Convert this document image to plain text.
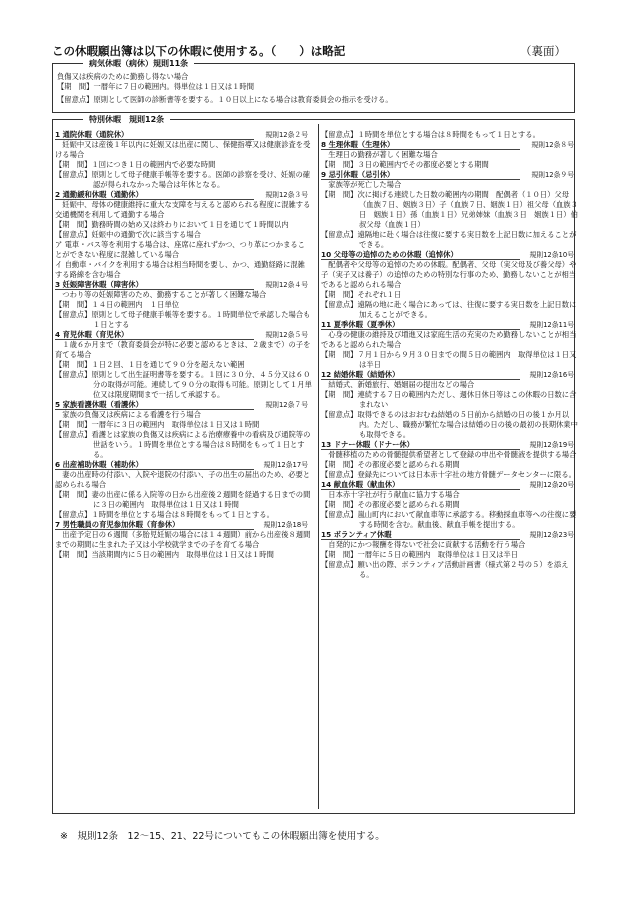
この休暇願出簿は以下の休暇に使用する。（　　）は略記	（裏面）
病気休暇（病休）規則11条
負傷又は疾病のために勤務し得ない場合
【期　間】一暦年に７日の範囲内。得単位は１日又は１時間
【留意点】原則として医師の診断書等を要する。１０日以上になる場合は教育委員会の指示を受ける。
特別休暇　規則12条
1 通院休暇（通院休）	規則12条２号
　妊娠中又は産後１年以内に妊娠又は出産に関し、保健指導又は健康診査を受ける場合
【期　間】１回につき１日の範囲内で必要な時間
【留意点】原則として母子健康手帳等を要する。医師の診察を受け、妊娠の確認が得られなかった場合は年休となる。
2 通勤緩和休暇（通勤休）	規則12条３号
　妊娠中、母体の健康維持に重大な支障を与えると認められる程度に混雑する交通機関を利用して通勤する場合
【期　間】勤務時間の始め又は終わりにおいて１日を通じて１時間以内
【留意点】妊娠中の通勤で次に該当する場合
ア 電車・バス等を利用する場合は、座席に座れずかつ、つり革につかまることができない程度に混雑している場合
イ 自動車・バイクを利用する場合は相当時間を要し、かつ、通勤経路に混雑する路線を含む場合
3 妊娠障害休暇（障害休）	規則12条４号
　つわり等の妊娠障害のため、勤務することが著しく困難な場合
【期　間】１４日の範囲内　１日単位
【留意点】原則として母子健康手帳等を要する。１時間単位で承認した場合も１日とする
4 育児休暇（育児休）	規則12条５号
　１歳６か月まで（教育委員会が特に必要と認めるときは、２歳まで）の子を育てる場合
【期　間】１日２回、１日を通じて９０分を超えない範囲
【留意点】原則として出生証明書等を要する。１回に３０分、４５分又は６０分の取得が可能。連続して９０分の取得も可能。原則として１月単位又は限度期間まで一括して承認する。
5 家族看護休暇（看護休）	規則12条７号
　家族の負傷又は疾病による看護を行う場合
【期　間】一暦年に３日の範囲内　取得単位は１日又は１時間
【留意点】看護とは家族の負傷又は疾病による治療療養中の看病及び通院等の世話をいう。１時間を単位とする場合は８時間をもって１日とする。
6 出産補助休暇（補助休）	規則12条17号
　妻の出産時の付添い、入院や退院の付添い、子の出生の届出のため、必要と認められる場合
【期　間】妻の出産に係る入院等の日から出産後２週間を経過する日までの間に３日の範囲内　取得単位は１日又は１時間
【留意点】１時間を単位とする場合は８時間をもって１日とする。
7 男性職員の育児参加休暇（育参休）	規則12条18号
　出産予定日の６週間（多胎児妊娠の場合には１４週間）前から出産後８週間までの期間に生まれた子又は小学校就学までの子を育てる場合
【期　間】当該期間内に５日の範囲内　取得単位は１日又は１時間
【留意点】１時間を単位とする場合は８時間をもって１日とする。
8 生理休暇（生理休）	規則12条８号
　生理日の勤務が著しく困難な場合
【期　間】３日の範囲内でその都度必要とする期間
9 忌引休暇（忌引休）	規則12条９号
　家族等が死亡した場合
【期　間】次に掲げる連続した日数の範囲内の期間　配偶者（１０日）父母（血族７日、姻族３日）子（血族７日、姻族１日）祖父母（血族３日　姻族１日）孫（血族１日）兄弟姉妹（血族３日　姻族１日）伯叔父母（血族１日）
【留意点】遠隔地に赴く場合は往復に要する実日数を上記日数に加えることができる。
10 父母等の追悼のための休暇（追悼休）	規則12条10号
　配偶者や父母等の追悼のための休暇。配偶者、父母（実父母及び養父母）や子（実子又は養子）の追悼のための特別な行事のため、勤務しないことが相当であると認められる場合
【期　間】それぞれ１日
【留意点】遠隔の地に赴く場合にあっては、往復に要する実日数を上記日数に加えることができる。
11 夏季休暇（夏季休）	規則12条11号
　心身の健康の維持及び増進又は家庭生活の充実のため勤務しないことが相当であると認められた場合
【期　間】７月１日から９月３０日までの間５日の範囲内　取得単位は１日又は半日
12 結婚休暇（結婚休）	規則12条16号
　結婚式、新婚旅行、婚姻届の提出などの場合
【期　間】連続する７日の範囲内ただし、週休日休日等はこの休暇の日数に含まれない
【留意点】取得できるのはおおむね結婚の５日前から結婚の日の後１か月以内。ただし、職務が繁忙な場合は結婚の日の後の最初の長期休業中も取得できる。
13 ドナー休暇（ドナー休）	規則12条19号
　骨髄移植のための骨髄提供希望者として登録の申出や骨髄液を提供する場合
【期　間】その都度必要と認められる期間
【留意点】登録先については日本赤十字社の地方骨髄データセンターに限る。
14 献血休暇（献血休）	規則12条20号
　日本赤十字社が行う献血に協力する場合
【期　間】その都度必要と認められる期間
【留意点】嵐山町内において献血車等に承認する。移動採血車等への往復に要する時間を含む。献血後、献血手帳を提出する。
15 ボランティア休暇	規則12条23号
　自発的にかつ報酬を得ないで社会に貢献する活動を行う場合
【期　間】一暦年に５日の範囲内　取得単位は１日又は半日
【留意点】願い出の際、ボランティア活動計画書（様式第２号の５）を添える。
※　規則12条　12〜15、21、22号についてもこの休暇願出簿を使用する。
